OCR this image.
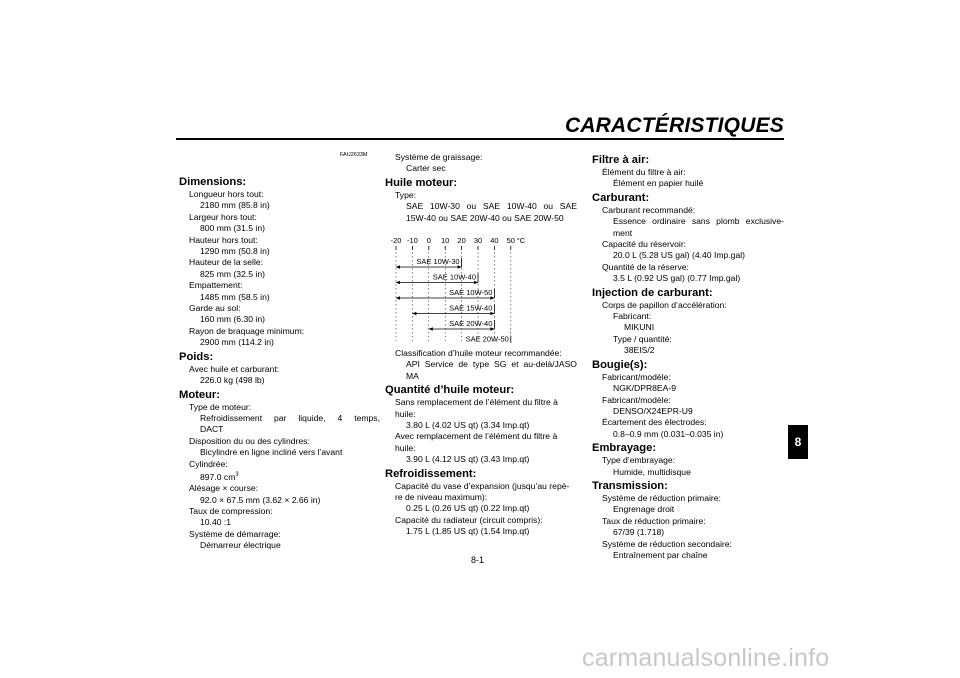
CARACTÉRISTIQUES
FAU2633M
Dimensions:
Longueur hors tout:
2180 mm (85.8 in)
Largeur hors tout:
800 mm (31.5 in)
Hauteur hors tout:
1290 mm (50.8 in)
Hauteur de la selle:
825 mm (32.5 in)
Empattement:
1485 mm (58.5 in)
Garde au sol:
160 mm (6.30 in)
Rayon de braquage minimum:
2900 mm (114.2 in)
Poids:
Avec huile et carburant:
226.0 kg (498 lb)
Moteur:
Type de moteur:
Refroidissement par liquide, 4 temps,
DACT
Disposition du ou des cylindres:
Bicylindre en ligne incliné vers l’avant
Cylindrée:
897.0 $cm^3$
Alésage × course:
92.0 × 67.5 mm (3.62 × 2.66 in)
Taux de compression:
10.40 :1
Système de démarrage:
Démarreur électrique
Système de graissage:
Carter sec
Huile moteur:
Type:
SAE 10W-30 ou SAE 10W-40 ou SAE
15W-40 ou SAE 20W-40 ou SAE 20W-50
-20 -10 0 10 20 30 40 50 °C
SAE 10W-30
SAE 10W-40
SAE 10W-50
SAE 15W-40
SAE 20W-40
SAE 20W-50
Classification d’huile moteur recommandée:
API Service de type SG et au-delà/JASO
MA
Quantité d’huile moteur:
Sans remplacement de l’élément du filtre à
huile:
3.80 L (4.02 US qt) (3.34 Imp.qt)
Avec remplacement de l’élément du filtre à
huile:
3.90 L (4.12 US qt) (3.43 Imp.qt)
Refroidissement:
Capacité du vase d’expansion (jusqu’au repè-
re de niveau maximum):
0.25 L (0.26 US qt) (0.22 Imp.qt)
Capacité du radiateur (circuit compris):
1.75 L (1.85 US qt) (1.54 Imp.qt)
Filtre à air:
Élément du filtre à air:
Élément en papier huilé
Carburant:
Carburant recommandé:
Essence ordinaire sans plomb exclusive-
ment
Capacité du réservoir:
20.0 L (5.28 US gal) (4.40 Imp.gal)
Quantité de la réserve:
3.5 L (0.92 US gal) (0.77 Imp.gal)
Injection de carburant:
Corps de papillon d’accélération:
Fabricant:
MIKUNI
Type / quantité:
38EIS/2
Bougie(s):
Fabricant/modèle:
NGK/DPR8EA-9
Fabricant/modèle:
DENSO/X24EPR-U9
Écartement des électrodes:
0.8–0.9 mm (0.031–0.035 in)
Embrayage:
Type d’embrayage:
Humide, multidisque
Transmission:
Système de réduction primaire:
Engrenage droit
Taux de réduction primaire:
67/39 (1.718)
Système de réduction secondaire:
Entraînement par chaîne
8-1
8
carmanualsonline.info
